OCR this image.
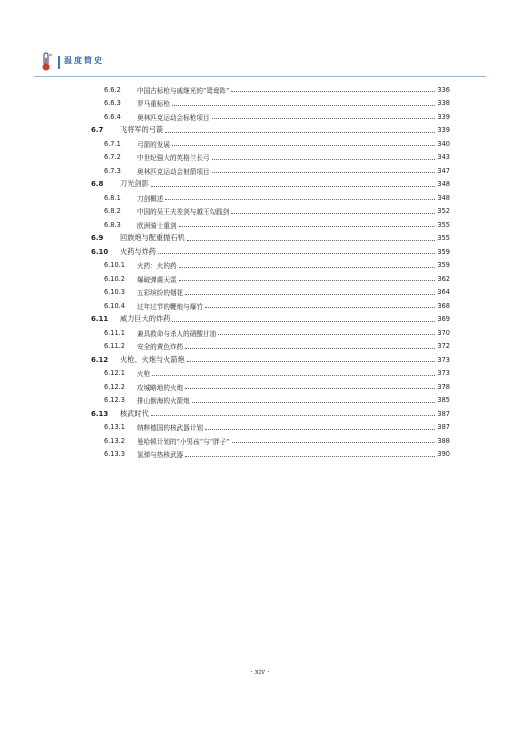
温度简史
6.6.2 中国古标枪与戚继光的“鸳鸯阵”	336
6.6.3 罗马重标枪	338
6.6.4 奥林匹克运动会标枪项目	339
6.7 飞将军的弓箭	339
6.7.1 弓箭的发展	340
6.7.2 中世纪强大的英格兰长弓	343
6.7.3 奥林匹克运动会射箭项目	347
6.8 刀光剑影	348
6.8.1 刀剑概述	348
6.8.2 中国的吴王夫差剑与越王勾践剑	352
6.8.3 欧洲骑士重剑	355
6.9 回族炮与配重抛石机	355
6.10 火药与炸药	359
6.10.1 火药：火的药	359
6.10.2 爆破弹震天雷	362
6.10.3 五彩缤纷的烟花	364
6.10.4 过年过节的鞭炮与爆竹	368
6.11 威力巨大的炸药	369
6.11.1 兼具救命与杀人的硝酸甘油	370
6.11.2 安全的黄色炸药	372
6.12 火枪、火炮与火箭炮	373
6.12.1 火枪	373
6.12.2 攻城略地的火炮	378
6.12.3 排山倒海的火箭炮	385
6.13 核武时代	387
6.13.1 纳粹德国的核武器计划	387
6.13.2 曼哈顿计划的“小男孩”与“胖子”	388
6.13.3 氢弹与热核武器	390
· xiv ·
